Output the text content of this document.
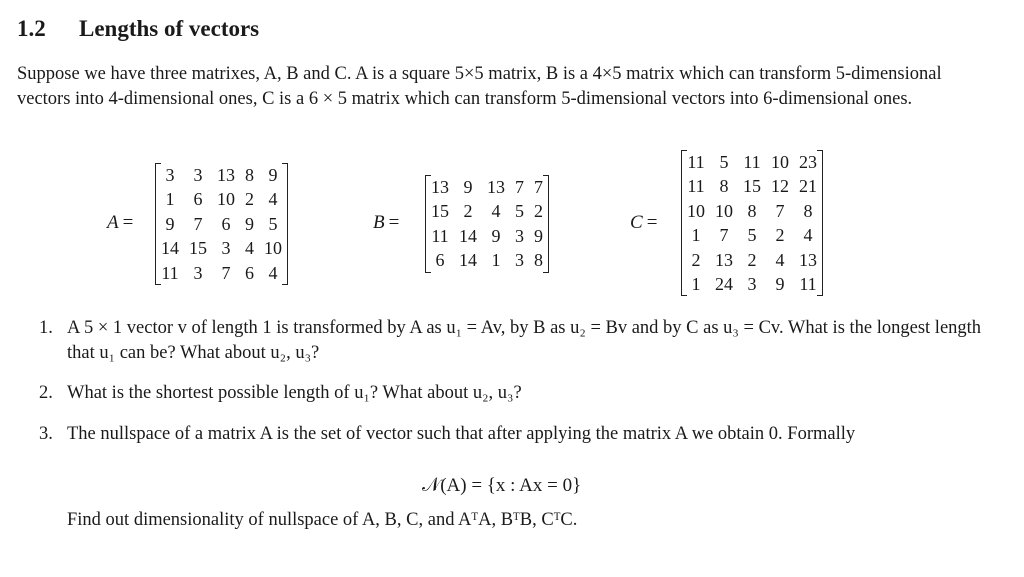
1.2 Lengths of vectors

Suppose we have three matrixes, A, B and C. A is a square 5×5 matrix, B is a 4×5 matrix which can transform 5-dimensional vectors into 4-dimensional ones, C is a 6 × 5 matrix which can transform 5-dimensional vectors into 6-dimensional ones.

A =
3	3	13	8	9
1	6	10	2	4
9	7	6	9	5
14	15	3	4	10
11	3	7	6	4
B =
13	9	13	7	7
15	2	4	5	2
11	14	9	3	9
6	14	1	3	8
C =
11	5	11	10	23
11	8	15	12	21
10	10	8	7	8
1	7	5	2	4
2	13	2	4	13
1	24	3	9	11
1. A 5 × 1 vector v of length 1 is transformed by A as u₁ = Av, by B as u₂ = Bv and by C as u₃ = Cv. What is the longest length that u₁ can be? What about u₂, u₃?
2. What is the shortest possible length of u₁? What about u₂, u₃?
3. The nullspace of a matrix A is the set of vector such that after applying the matrix A we obtain 0. Formally
𝒩(A) = {x : Ax = 0}
Find out dimensionality of nullspace of A, B, C, and AᵀA, BᵀB, CᵀC.
